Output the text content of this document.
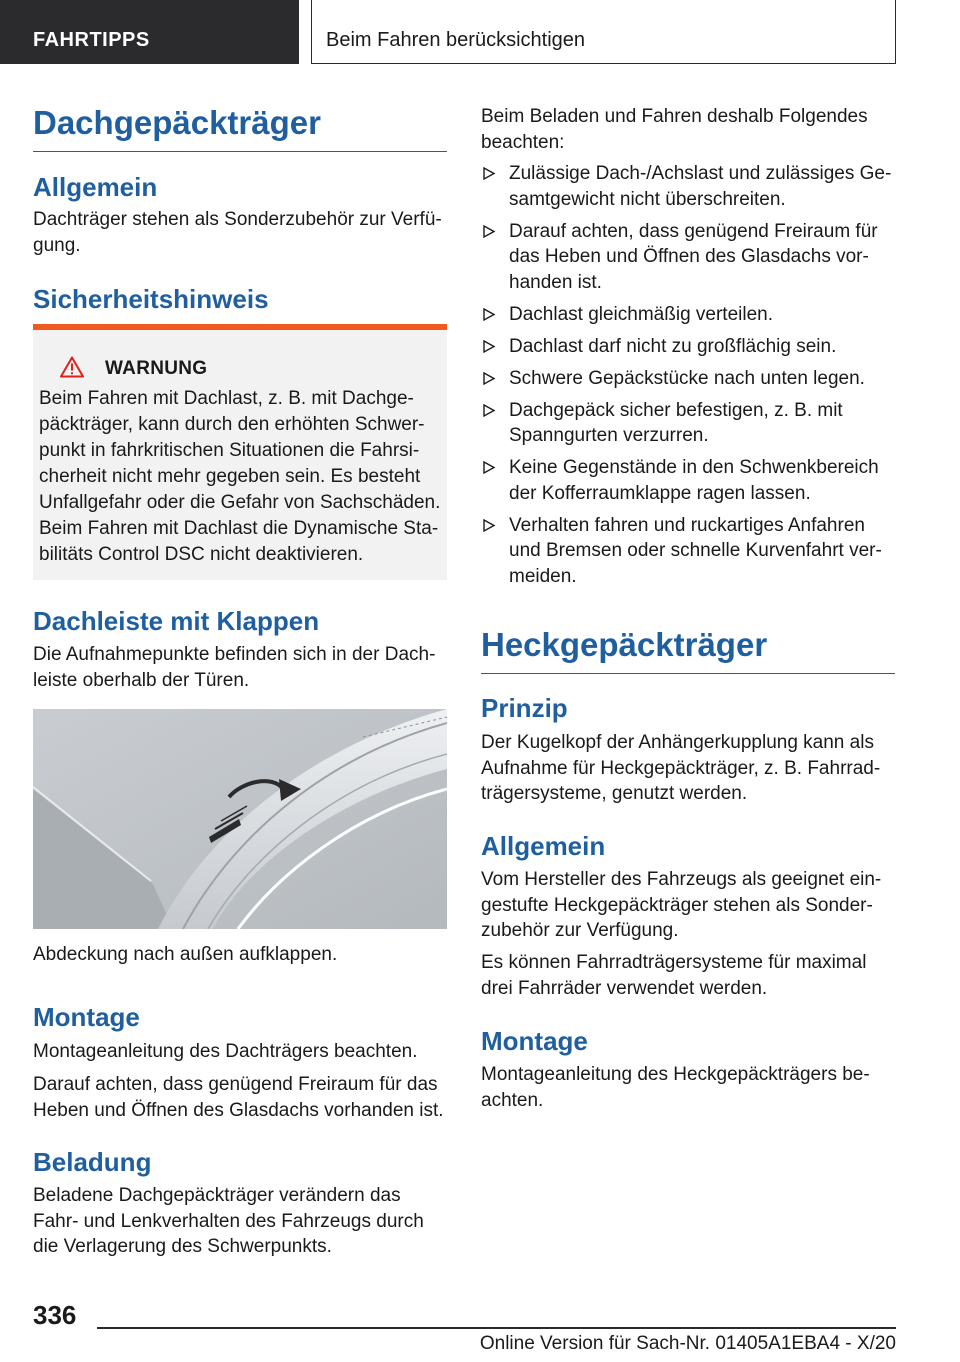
FAHRTIPPS	Beim Fahren berücksichtigen
Dachgepäckträger
Allgemein

Dachträger stehen als Sonderzubehör zur Verfü-
gung.

Sicherheitshinweis
WARNUNG
Beim Fahren mit Dachlast, z. B. mit Dachge-
päckträger, kann durch den erhöhten Schwer-
punkt in fahrkritischen Situationen die Fahrsi-
cherheit nicht mehr gegeben sein. Es besteht
Unfallgefahr oder die Gefahr von Sachschäden.
Beim Fahren mit Dachlast die Dynamische Sta-
bilitäts Control DSC nicht deaktivieren.
Dachleiste mit Klappen

Die Aufnahmepunkte befinden sich in der Dach-
leiste oberhalb der Türen.

Abdeckung nach außen aufklappen.

Montage

Montageanleitung des Dachträgers beachten.

Darauf achten, dass genügend Freiraum für das
Heben und Öffnen des Glasdachs vorhanden ist.

Beladung

Beladene Dachgepäckträger verändern das
Fahr- und Lenkverhalten des Fahrzeugs durch
die Verlagerung des Schwerpunkts.

Beim Beladen und Fahren deshalb Folgendes
beachten:

Zulässige Dach-/Achslast und zulässiges Ge-
samtgewicht nicht überschreiten.
Darauf achten, dass genügend Freiraum für
das Heben und Öffnen des Glasdachs vor-
handen ist.
Dachlast gleichmäßig verteilen.
Dachlast darf nicht zu großflächig sein.
Schwere Gepäckstücke nach unten legen.
Dachgepäck sicher befestigen, z. B. mit
Spanngurten verzurren.
Keine Gegenstände in den Schwenkbereich
der Kofferraumklappe ragen lassen.
Verhalten fahren und ruckartiges Anfahren
und Bremsen oder schnelle Kurvenfahrt ver-
meiden.
Heckgepäckträger
Prinzip

Der Kugelkopf der Anhängerkupplung kann als
Aufnahme für Heckgepäckträger, z. B. Fahrrad-
trägersysteme, genutzt werden.

Allgemein

Vom Hersteller des Fahrzeugs als geeignet ein-
gestufte Heckgepäckträger stehen als Sonder-
zubehör zur Verfügung.

Es können Fahrradträgersysteme für maximal
drei Fahrräder verwendet werden.

Montage

Montageanleitung des Heckgepäckträgers be-
achten.

336
Online Version für Sach-Nr. 01405A1EBA4 - X/20
